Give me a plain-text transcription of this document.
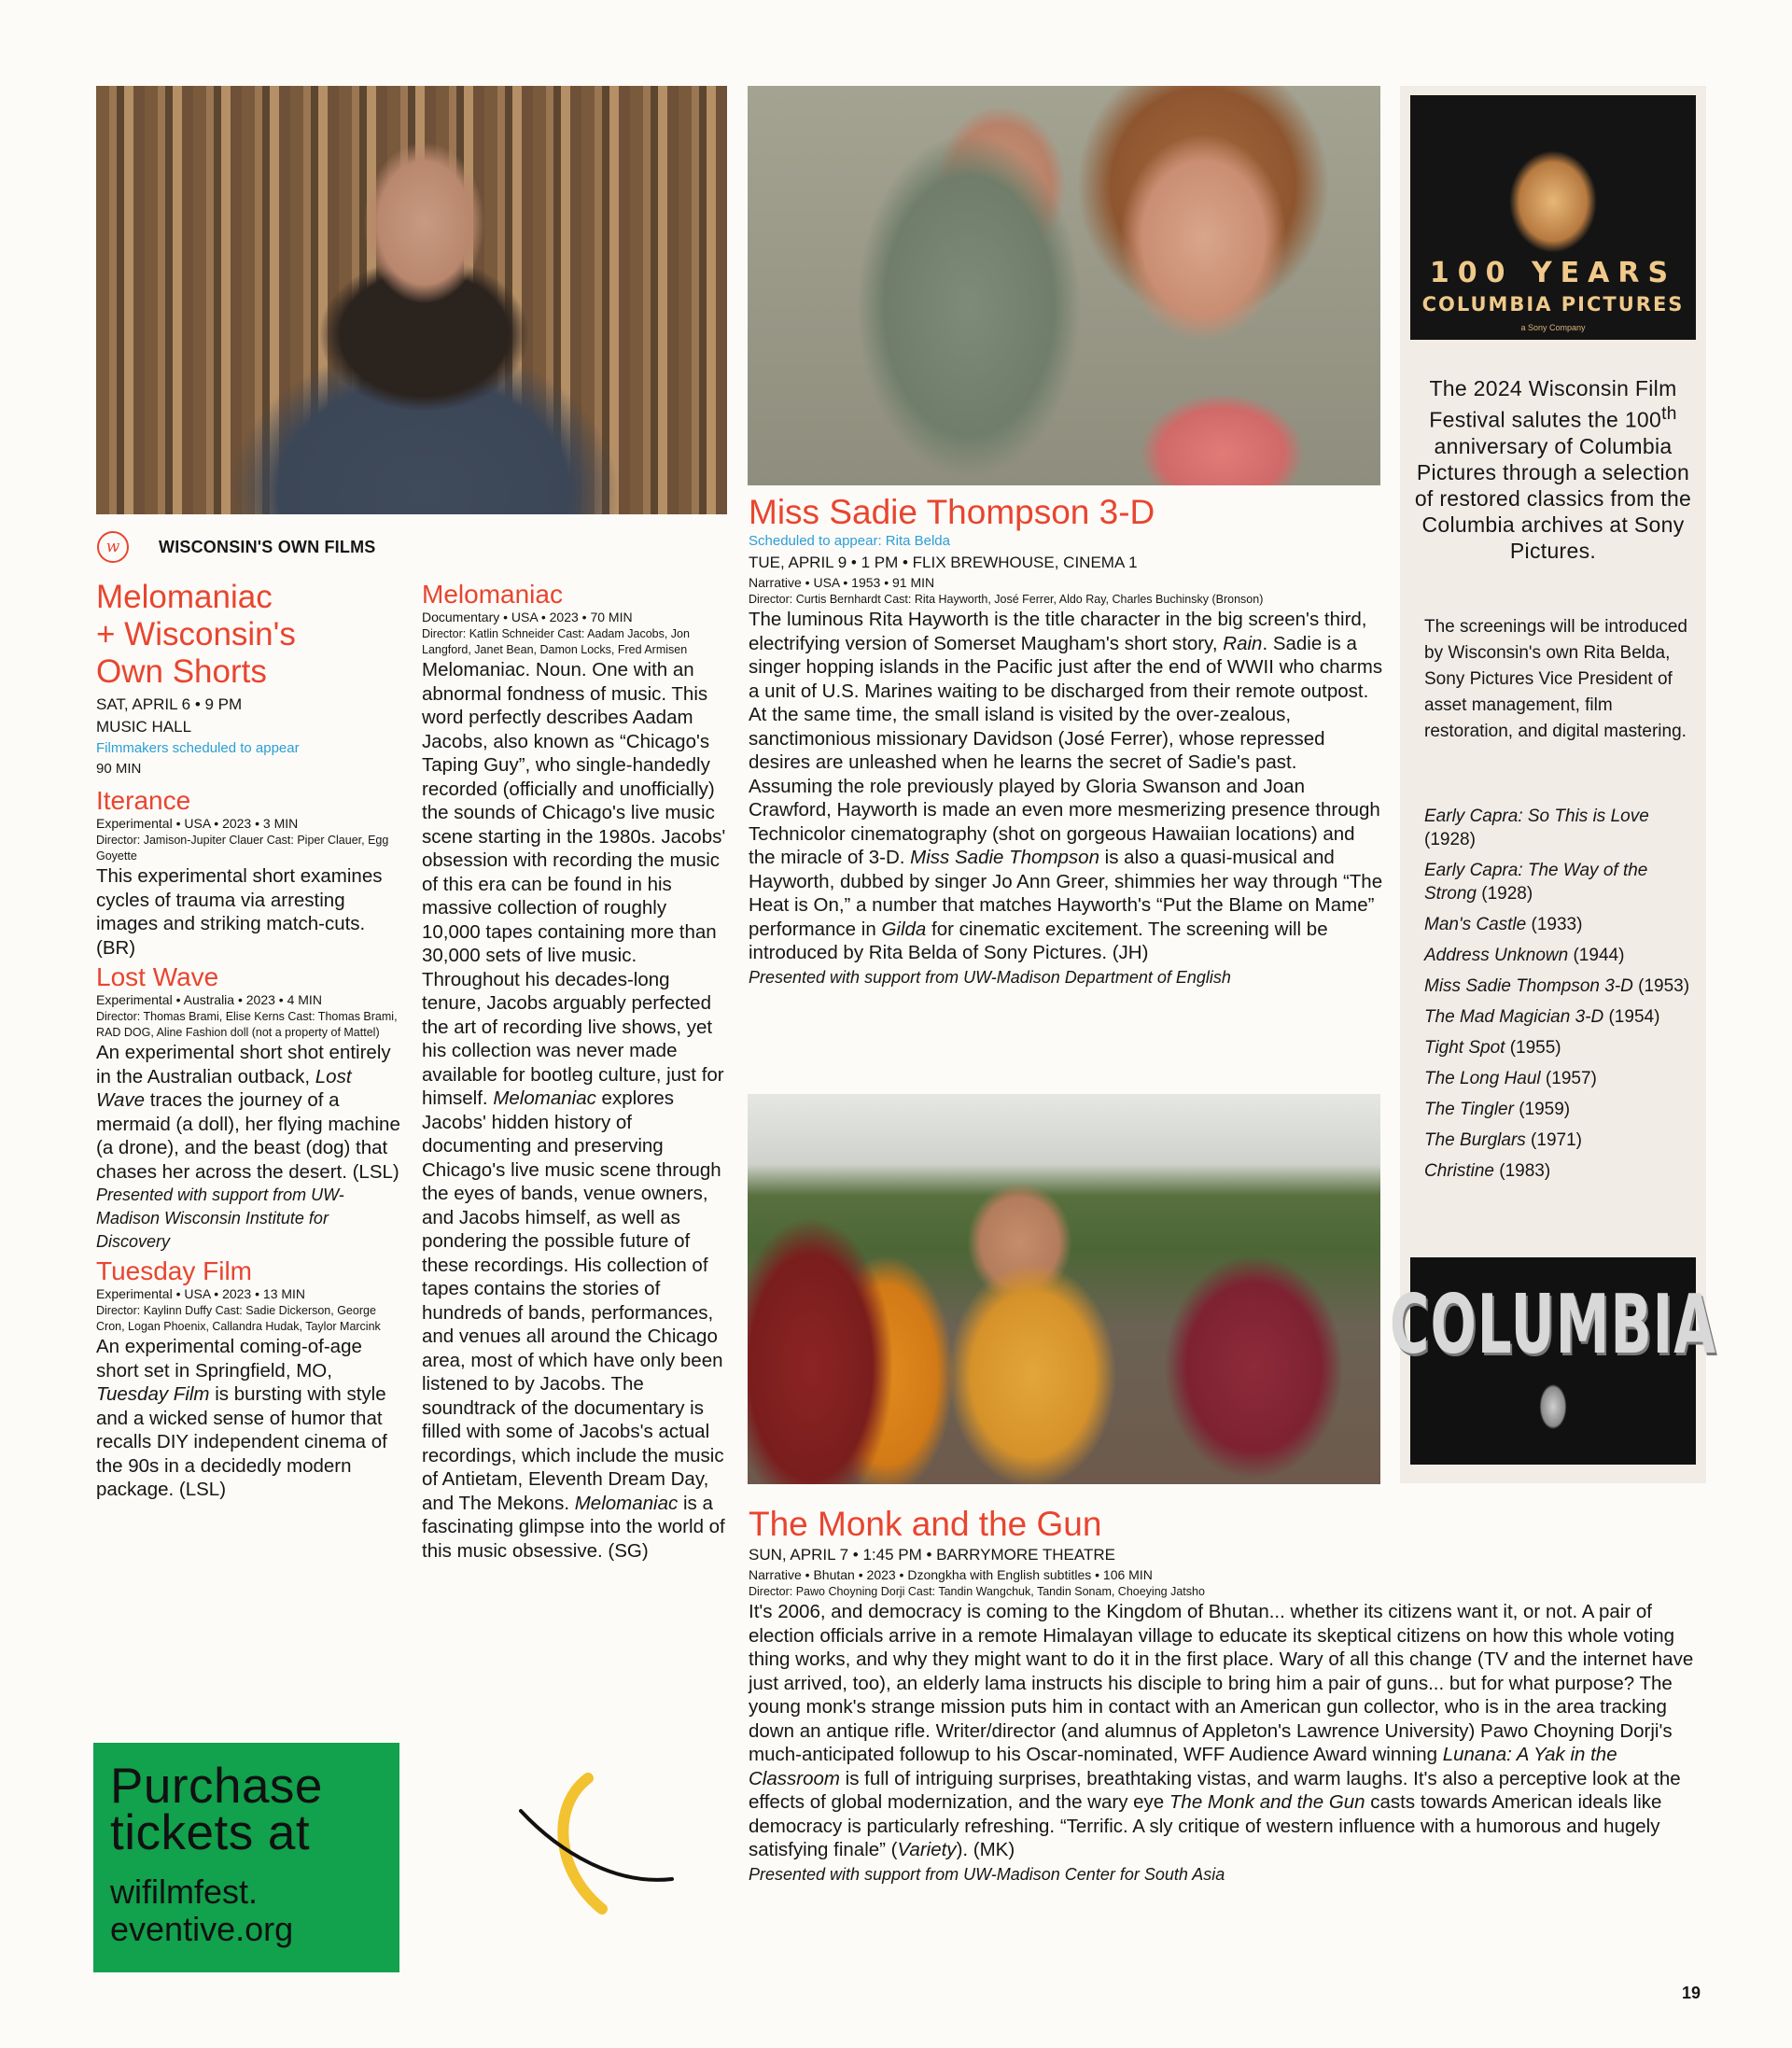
100 YEARS
COLUMBIA PICTURES
a Sony Company
The 2024 Wisconsin Film Festival salutes the 100th anniversary of Columbia Pictures through a selection of restored classics from the Columbia archives at Sony Pictures.
The screenings will be introduced by Wisconsin's own Rita Belda, Sony Pictures Vice President of asset management, film restoration, and digital mastering.
Early Capra: So This is Love (1928)
Early Capra: The Way of the Strong (1928)
Man's Castle (1933)
Address Unknown (1944)
Miss Sadie Thompson 3-D (1953)
The Mad Magician 3-D (1954)
Tight Spot (1955)
The Long Haul (1957)
The Tingler (1959)
The Burglars (1971)
Christine (1983)
COLUMBIA
w	WISCONSIN'S OWN FILMS
Melomaniac
+ Wisconsin's
Own Shorts
SAT, APRIL 6 • 9 PM
MUSIC HALL
Filmmakers scheduled to appear
90 MIN
Iterance
Experimental • USA • 2023 • 3 MIN
Director: Jamison-Jupiter Clauer Cast: Piper Clauer, Egg Goyette

This experimental short examines cycles of trauma via arresting images and striking match-cuts. (BR)

Lost Wave
Experimental • Australia • 2023 • 4 MIN
Director: Thomas Brami, Elise Kerns Cast: Thomas Brami, RAD DOG, Aline Fashion doll (not a property of Mattel)

An experimental short shot entirely in the Australian outback, Lost Wave traces the journey of a mermaid (a doll), her flying machine (a drone), and the beast (dog) that chases her across the desert. (LSL)

Presented with support from UW-Madison Wisconsin Institute for Discovery
Tuesday Film
Experimental • USA • 2023 • 13 MIN
Director: Kaylinn Duffy Cast: Sadie Dickerson, George Cron, Logan Phoenix, Callandra Hudak, Taylor Marcink

An experimental coming-of-age short set in Springfield, MO, Tuesday Film is bursting with style and a wicked sense of humor that recalls DIY independent cinema of the 90s in a decidedly modern package. (LSL)

Melomaniac
Documentary • USA • 2023 • 70 MIN
Director: Katlin Schneider Cast: Aadam Jacobs, Jon Langford, Janet Bean, Damon Locks, Fred Armisen

Melomaniac. Noun. One with an abnormal fondness of music. This word perfectly describes Aadam Jacobs, also known as “Chicago's Taping Guy”, who single-handedly recorded (officially and unofficially) the sounds of Chicago's live music scene starting in the 1980s. Jacobs' obsession with recording the music of this era can be found in his massive collection of roughly 10,000 tapes containing more than 30,000 sets of live music. Throughout his decades-long tenure, Jacobs arguably perfected the art of recording live shows, yet his collection was never made available for bootleg culture, just for himself. Melomaniac explores Jacobs' hidden history of documenting and preserving Chicago's live music scene through the eyes of bands, venue owners, and Jacobs himself, as well as pondering the possible future of these recordings. His collection of tapes contains the stories of hundreds of bands, performances, and venues all around the Chicago area, most of which have only been listened to by Jacobs. The soundtrack of the documentary is filled with some of Jacobs's actual recordings, which include the music of Antietam, Eleventh Dream Day, and The Mekons. Melomaniac is a fascinating glimpse into the world of this music obsessive. (SG)

Miss Sadie Thompson 3-D
Scheduled to appear: Rita Belda
TUE, APRIL 9 • 1 PM • FLIX BREWHOUSE, CINEMA 1
Narrative • USA • 1953 • 91 MIN
Director: Curtis Bernhardt Cast: Rita Hayworth, José Ferrer, Aldo Ray, Charles Buchinsky (Bronson)

The luminous Rita Hayworth is the title character in the big screen's third, electrifying version of Somerset Maugham's short story, Rain. Sadie is a singer hopping islands in the Pacific just after the end of WWII who charms a unit of U.S. Marines waiting to be discharged from their remote outpost. At the same time, the small island is visited by the over-zealous, sanctimonious missionary Davidson (José Ferrer), whose repressed desires are unleashed when he learns the secret of Sadie's past. Assuming the role previously played by Gloria Swanson and Joan Crawford, Hayworth is made an even more mesmerizing presence through Technicolor cinematography (shot on gorgeous Hawaiian locations) and the miracle of 3-D. Miss Sadie Thompson is also a quasi-musical and Hayworth, dubbed by singer Jo Ann Greer, shimmies her way through “The Heat is On,” a number that matches Hayworth's “Put the Blame on Mame” performance in Gilda for cinematic excitement. The screening will be introduced by Rita Belda of Sony Pictures. (JH)

Presented with support from UW-Madison Department of English
The Monk and the Gun
SUN, APRIL 7 • 1:45 PM • BARRYMORE THEATRE
Narrative • Bhutan • 2023 • Dzongkha with English subtitles • 106 MIN
Director: Pawo Choyning Dorji Cast: Tandin Wangchuk, Tandin Sonam, Choeying Jatsho

It's 2006, and democracy is coming to the Kingdom of Bhutan... whether its citizens want it, or not. A pair of election officials arrive in a remote Himalayan village to educate its skeptical citizens on how this whole voting thing works, and why they might want to do it in the first place. Wary of all this change (TV and the internet have just arrived, too), an elderly lama instructs his disciple to bring him a pair of guns... but for what purpose? The young monk's strange mission puts him in contact with an American gun collector, who is in the area tracking down an antique rifle. Writer/director (and alumnus of Appleton's Lawrence University) Pawo Choyning Dorji's much-anticipated followup to his Oscar-nominated, WFF Audience Award winning Lunana: A Yak in the Classroom is full of intriguing surprises, breathtaking vistas, and warm laughs. It's also a perceptive look at the effects of global modernization, and the wary eye The Monk and the Gun casts towards American ideals like democracy is particularly refreshing. “Terrific. A sly critique of western influence with a humorous and hugely satisfying finale” (Variety). (MK)

Presented with support from UW-Madison Center for South Asia
Purchase
tickets at
wifilmfest.
eventive.org
19
